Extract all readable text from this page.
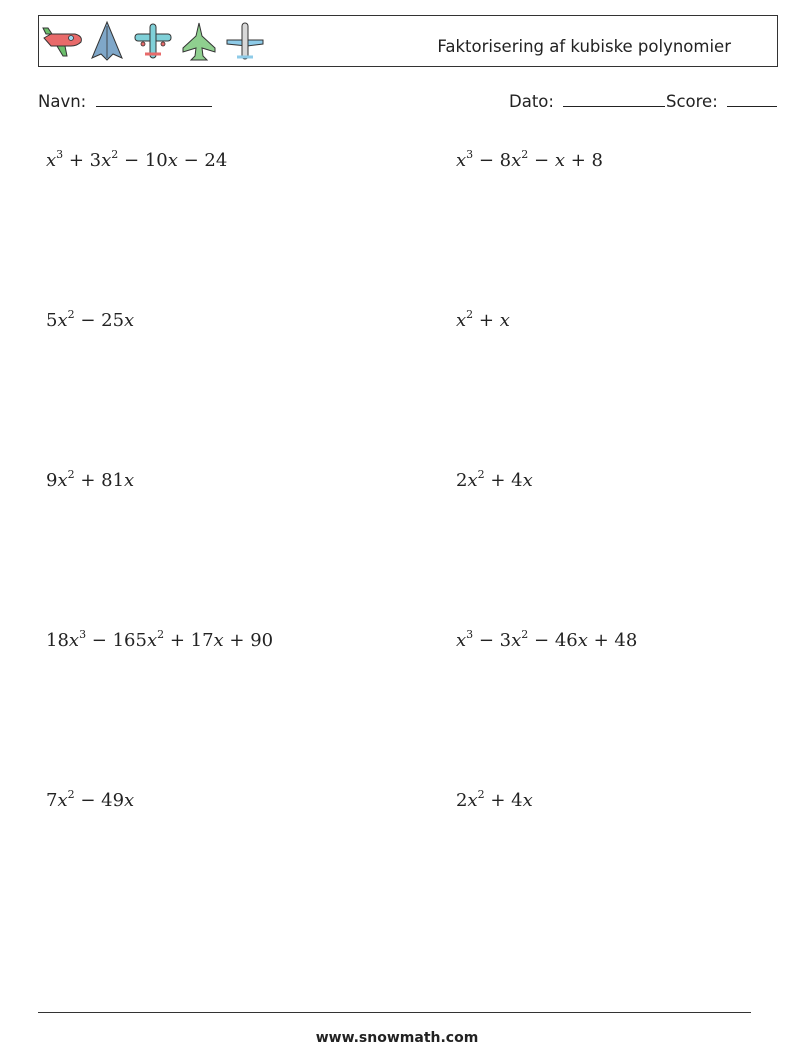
Faktorisering af kubiske polynomier
Navn:	Dato:	Score:
$x^3 + 3x^2 - 10x - 24$	$x^3 - 8x^2 - x + 8$
$5x^2 - 25x$	$x^2 + x$
$9x^2 + 81x$	$2x^2 + 4x$
$18x^3 - 165x^2 + 17x + 90$	$x^3 - 3x^2 - 46x + 48$
$7x^2 - 49x$	$2x^2 + 4x$
www.snowmath.com
